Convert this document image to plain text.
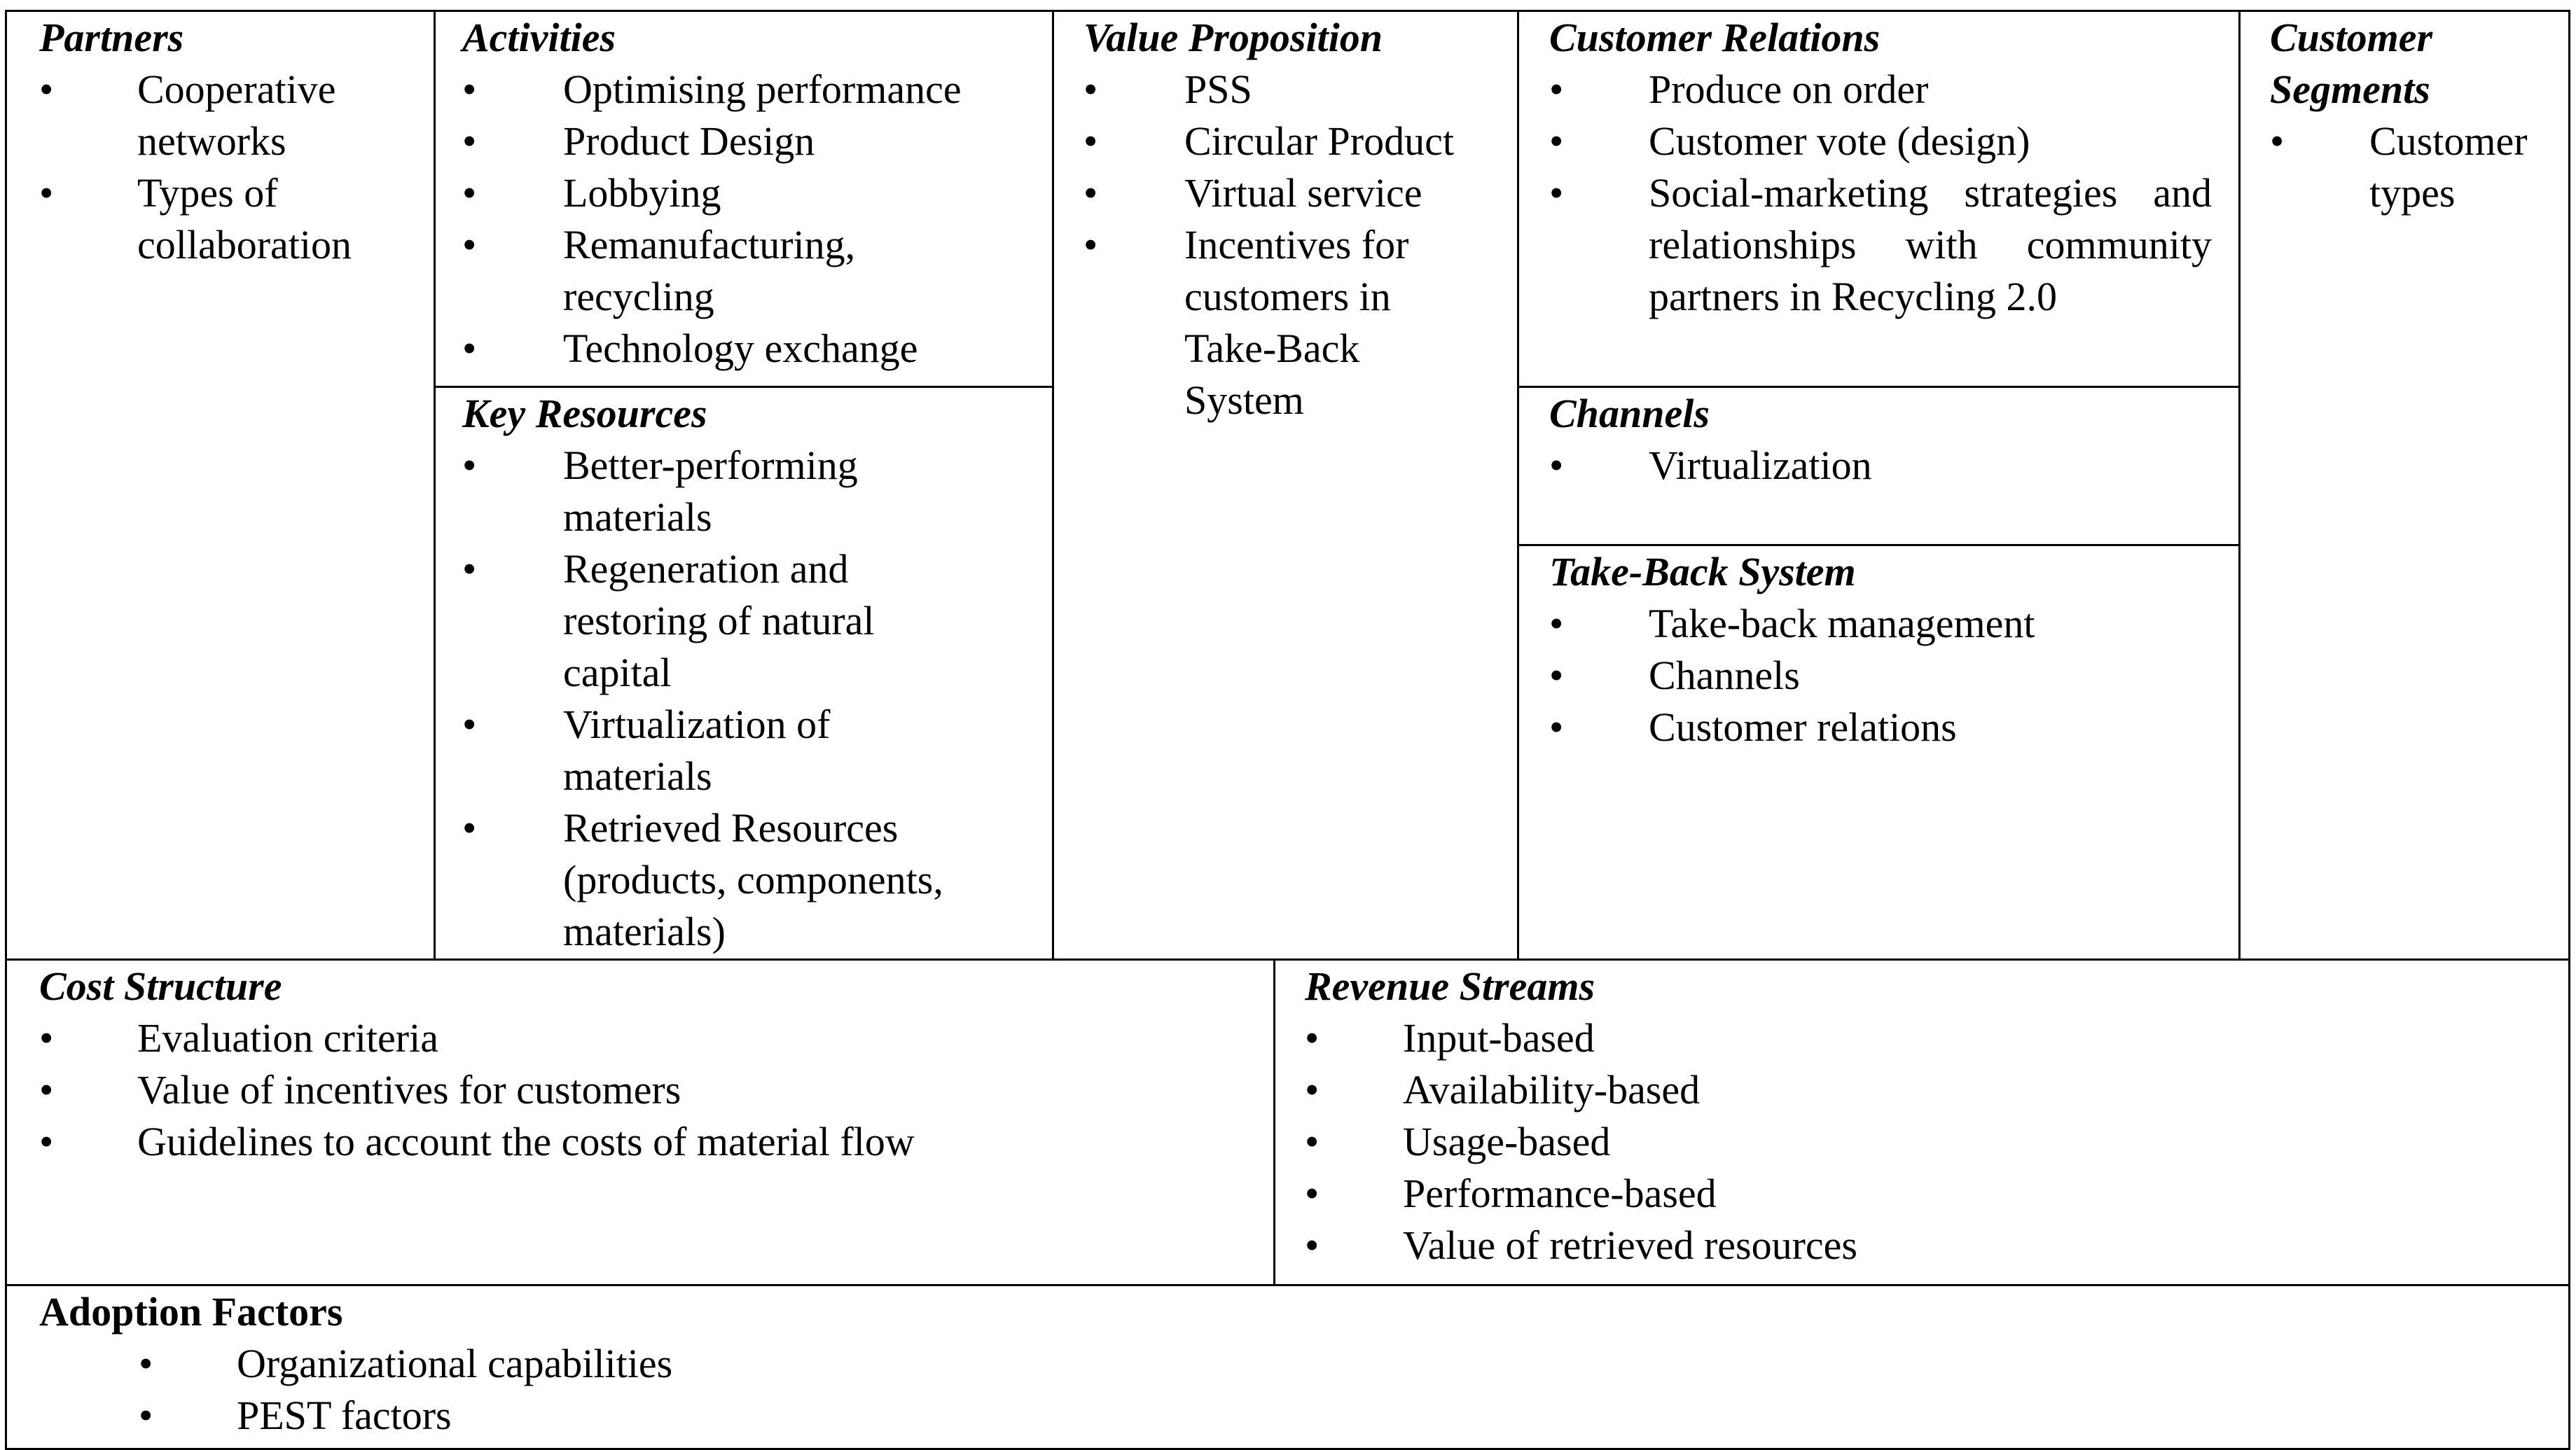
Partners
• Cooperative networks
• Types of collaboration
Activities
• Optimising performance
• Product Design
• Lobbying
• Remanufacturing, recycling
• Technology exchange
Key Resources
• Better-performing materials
• Regeneration and restoring of natural capital
• Virtualization of materials
• Retrieved Resources (products, components, materials)
Value Proposition
• PSS
• Circular Product
• Virtual service
• Incentives for customers in Take-Back System
Customer Relations
• Produce on order
• Customer vote (design)
• Social-marketing strategies and relationships with community partners in Recycling 2.0
Channels
• Virtualization
Take-Back System
• Take-back management
• Channels
• Customer relations
Customer Segments
• Customer types
Cost Structure
• Evaluation criteria
• Value of incentives for customers
• Guidelines to account the costs of material flow
Revenue Streams
• Input-based
• Availability-based
• Usage-based
• Performance-based
• Value of retrieved resources
Adoption Factors
• Organizational capabilities
• PEST factors
